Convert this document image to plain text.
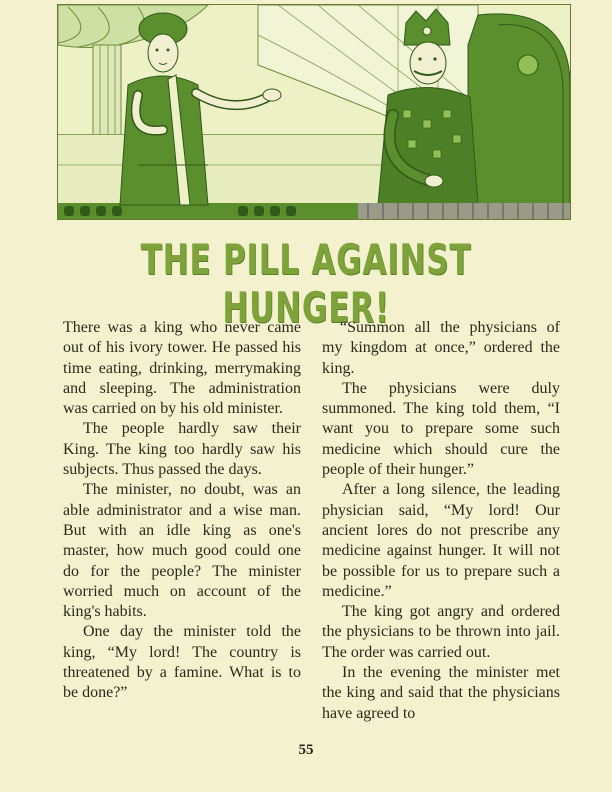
THE PILL AGAINST HUNGER!

There was a king who never came out of his ivory tower. He passed his time eating, drinking, merrymaking and sleeping. The administration was carried on by his old minister.

The people hardly saw their King. The king too hardly saw his subjects. Thus passed the days.

The minister, no doubt, was an able administrator and a wise man. But with an idle king as one's master, how much good could one do for the people? The minister worried much on account of the king's habits.

One day the minister told the king, “My lord! The country is threatened by a famine. What is to be done?”

“Summon all the physicians of my kingdom at once,” ordered the king.

The physicians were duly summoned. The king told them, “I want you to prepare some such medicine which should cure the people of their hunger.”

After a long silence, the leading physician said, “My lord! Our ancient lores do not prescribe any medicine against hunger. It will not be possible for us to prepare such a medicine.”

The king got angry and ordered the physicians to be thrown into jail. The order was carried out.

In the evening the minister met the king and said that the physicians have agreed to

55
